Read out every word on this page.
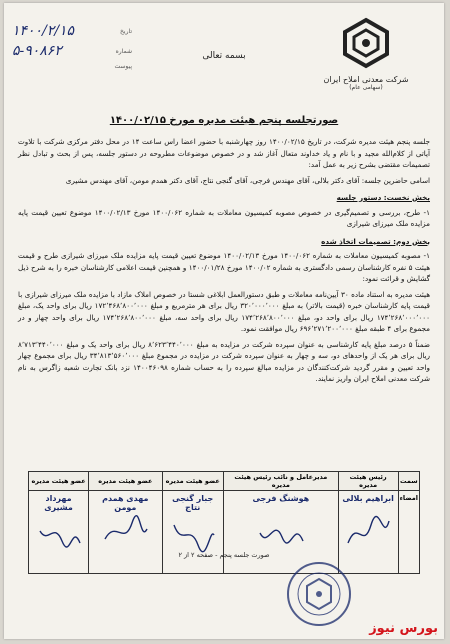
شرکت معدنی املاح ایران
(سهامی عام)
تاریخ
۱۴۰۰/۲/۱۵
شماره
۵-۹۰۸۶۲
پیوست
بسمه تعالی
صورتجلسه پنجم هیئت مدیره مورخ ۱۴۰۰/۰۲/۱۵

جلسه پنجم هیئت مدیره شرکت، در تاریخ ۱۴۰۰/۰۲/۱۵ روز چهارشنبه با حضور اعضا راس ساعت ۱۴ در محل دفتر مرکزی شرکت با تلاوت آیاتی از کلام‌الله مجید و با نام و یاد خداوند متعال آغاز شد و در خصوص موضوعات مطروحه در دستور جلسه، پس از بحث و تبادل نظر تصمیمات مقتضی بشرح زیر به عمل آمد:

اسامی حاضرین جلسه: آقای دکتر بلالی، آقای مهندس فرجی، آقای گنجی نتاج، آقای دکتر همدم مومن، آقای مهندس مشیری

بخش نخست: دستور جلسه

۱- طرح، بررسی و تصمیم‌گیری در خصوص مصوبه کمیسیون معاملات به شماره ۱۴۰۰/۰۶۲ مورخ ۱۴۰۰/۰۲/۱۳ موضوع تعیین قیمت پایه مزایده ملک میرزای شیرازی

بخش دوم: تصمیمات اتخاذ شده

۱- مصوبه کمیسیون معاملات به شماره ۱۴۰۰/۰۶۲ مورخ ۱۴۰۰/۰۲/۱۳ موضوع تعیین قیمت پایه مزایده ملک میرزای شیرازی طرح و قیمت هیئت ۵ نفره کارشناسان رسمی دادگستری به شماره ۱۴۰۰/۰۲ مورخ ۱۴۰۰/۰۱/۲۸ و همچنین قیمت اعلامی کارشناسان خبره را به شرح ذیل گشایش و قرائت نمود:

هیئت مدیره به استناد ماده ۳۰ آیین‌نامه معاملات و طبق دستورالعمل ابلاغی شستا در خصوص املاک مازاد با مزایده ملک میرزای شیرازی با قیمت پایه کارشناسان خبره (قیمت بالاتر) به مبلغ ۳۲۰٬۰۰۰٬۰۰۰ ریال برای هر مترمربع و مبلغ ۱۷۲٬۴۶۸٬۸۰۰٬۰۰۰ ریال برای واحد یک، مبلغ ۱۷۴٬۲۶۸٬۰۰۰٬۰۰۰ ریال برای واحد دو، مبلغ ۱۷۴٬۲۶۸٬۸۰۰٬۰۰۰ ریال برای واحد سه، مبلغ ۱۷۴٬۲۶۸٬۸۰۰٬۰۰۰ ریال برای واحد چهار و در مجموع برای ۴ طبقه مبلغ ۶۹۶٬۲۷۱٬۲۰۰٬۰۰۰ ریال موافقت نمود.

ضمناً ۵ درصد مبلغ پایه کارشناسی به عنوان سپرده شرکت در مزایده به مبلغ ۸٬۶۲۳٬۴۴۰٬۰۰۰ ریال برای واحد یک و مبلغ ۸٬۷۱۳٬۴۴۰٬۰۰۰ ریال برای هر یک از واحدهای دو، سه و چهار به عنوان سپرده شرکت در مزایده در مجموع مبلغ ۳۴٬۸۱۳٬۵۶۰٬۰۰۰ ریال برای مجموع چهار واحد تعیین و مقرر گردید شرکت‌کنندگان در مزایده مبالغ سپرده را به حساب شماره ۱۴۰۰۴۶۰۹۸ نزد بانک تجارت شعبه زاگرس به نام شرکت معدنی املاح ایران واریز نمایند.

سمت	رئیس هیئت مدیره	مدیرعامل و نائب رئیس هیئت مدیره	عضو هیئت مدیره	عضو هیئت مدیره	عضو هیئت مدیره
امضاء	ابراهیم بلالی	هوشنگ فرجی	جبار گنجی نتاج	مهدی همدم مومن	مهرداد مشیری
صورت جلسه پنجم - صفحه ۲ از ۲
بورس نیوز
